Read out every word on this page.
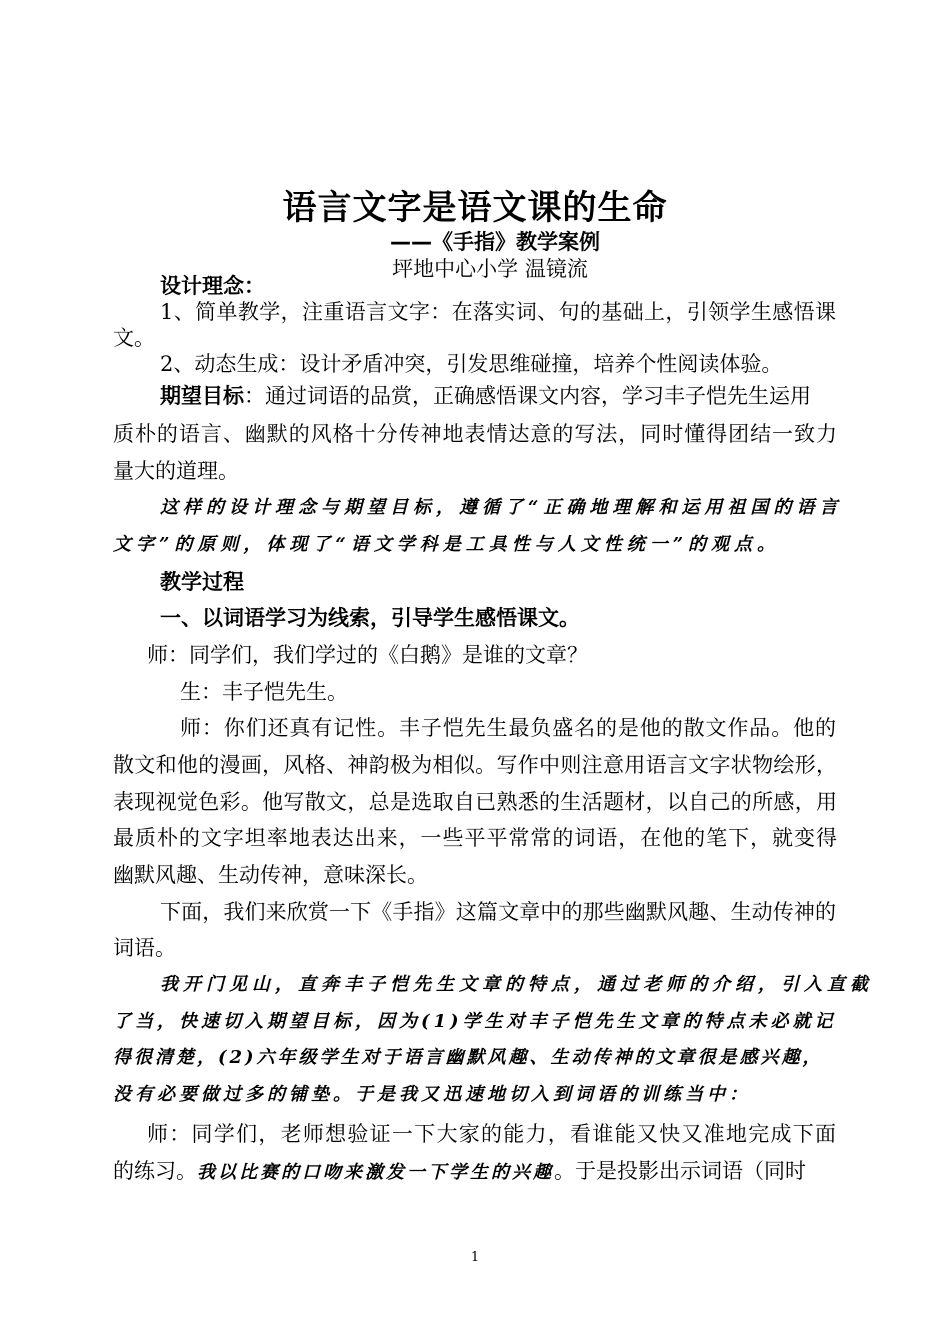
语言文字是语文课的生命
——《手指》教学案例
坪地中心小学 温镜流
设计理念：
1、简单教学，注重语言文字：在落实词、句的基础上，引领学生感悟课
文。
2、动态生成：设计矛盾冲突，引发思维碰撞，培养个性阅读体验。
期望目标：通过词语的品赏，正确感悟课文内容，学习丰子恺先生运用
质朴的语言、幽默的风格十分传神地表情达意的写法，同时懂得团结一致力
量大的道理。
这样的设计理念与期望目标，遵循了“正确地理解和运用祖国的语言
文字”的原则，体现了“语文学科是工具性与人文性统一”的观点。
教学过程
一、以词语学习为线索，引导学生感悟课文。
师：同学们，我们学过的《白鹅》是谁的文章？
生：丰子恺先生。
师：你们还真有记性。丰子恺先生最负盛名的是他的散文作品。他的
散文和他的漫画，风格、神韵极为相似。写作中则注意用语言文字状物绘形，
表现视觉色彩。他写散文，总是选取自已熟悉的生活题材，以自己的所感，用
最质朴的文字坦率地表达出来，一些平平常常的词语，在他的笔下，就变得
幽默风趣、生动传神，意味深长。
下面，我们来欣赏一下《手指》这篇文章中的那些幽默风趣、生动传神的
词语。
我开门见山，直奔丰子恺先生文章的特点，通过老师的介绍，引入直截
了当，快速切入期望目标，因为(1)学生对丰子恺先生文章的特点未必就记
得很清楚，(2)六年级学生对于语言幽默风趣、生动传神的文章很是感兴趣，
没有必要做过多的铺垫。于是我又迅速地切入到词语的训练当中：
师：同学们，老师想验证一下大家的能力，看谁能又快又准地完成下面
的练习。我以比赛的口吻来激发一下学生的兴趣。于是投影出示词语（同时
1
